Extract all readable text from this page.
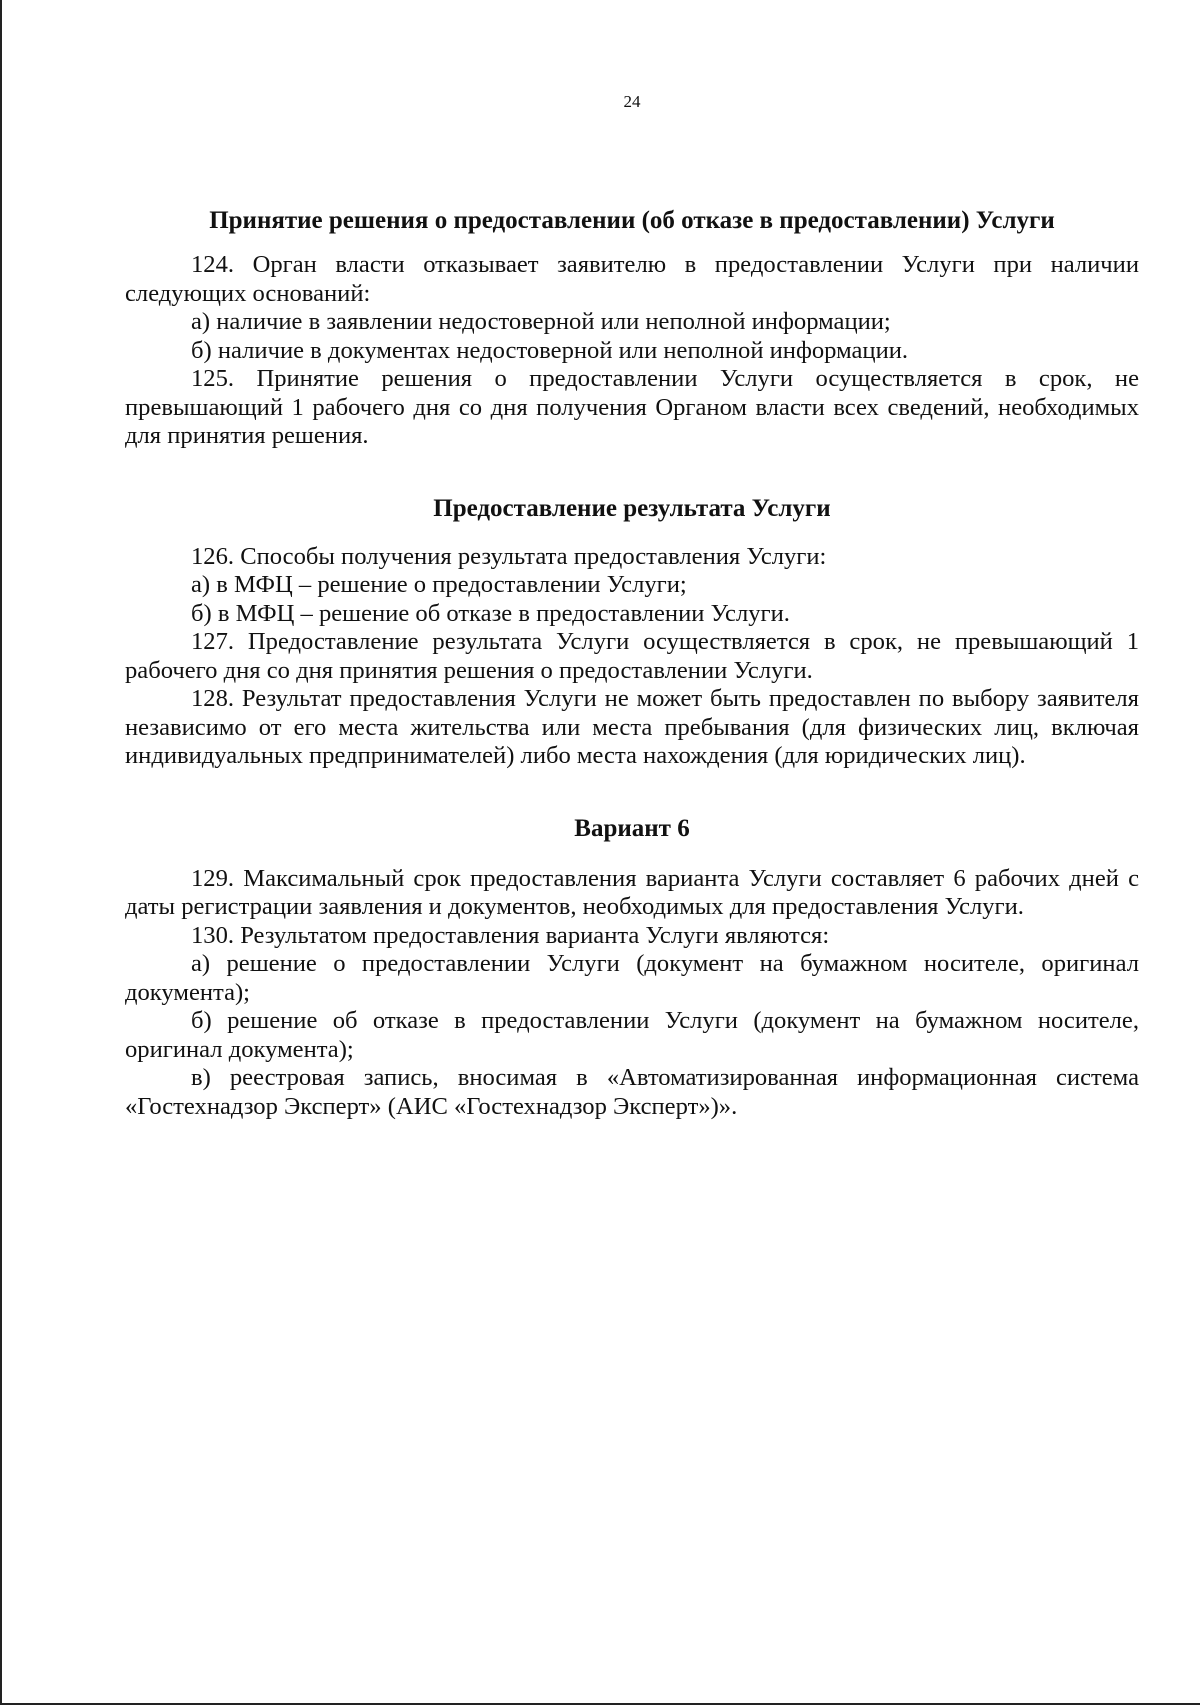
24
Принятие решения о предоставлении (об отказе в предоставлении) Услуги

124. Орган власти отказывает заявителю в предоставлении Услуги при наличии следующих оснований:

а) наличие в заявлении недостоверной или неполной информации;

б) наличие в документах недостоверной или неполной информации.

125. Принятие решения о предоставлении Услуги осуществляется в срок, не превышающий 1 рабочего дня со дня получения Органом власти всех сведений, необходимых для принятия решения.

Предоставление результата Услуги

126. Способы получения результата предоставления Услуги:

а) в МФЦ – решение о предоставлении Услуги;

б) в МФЦ – решение об отказе в предоставлении Услуги.

127. Предоставление результата Услуги осуществляется в срок, не превышающий 1 рабочего дня со дня принятия решения о предоставлении Услуги.

128. Результат предоставления Услуги не может быть предоставлен по выбору заявителя независимо от его места жительства или места пребывания (для физических лиц, включая индивидуальных предпринимателей) либо места нахождения (для юридических лиц).

Вариант 6

129. Максимальный срок предоставления варианта Услуги составляет 6 рабочих дней с даты регистрации заявления и документов, необходимых для предоставления Услуги.

130. Результатом предоставления варианта Услуги являются:

а) решение о предоставлении Услуги (документ на бумажном носителе, оригинал документа);

б) решение об отказе в предоставлении Услуги (документ на бумажном носителе, оригинал документа);

в) реестровая запись, вносимая в «Автоматизированная информационная система «Гостехнадзор Эксперт» (АИС «Гостехнадзор Эксперт»)».
